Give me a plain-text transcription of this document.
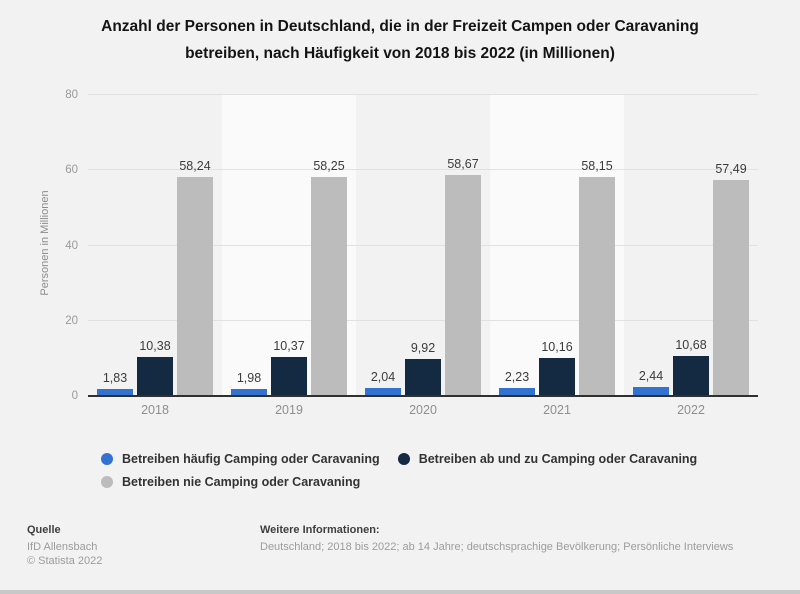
Anzahl der Personen in Deutschland, die in der Freizeit Campen oder Caravaning
betreiben, nach Häufigkeit von 2018 bis 2022 (in Millionen)
Personen in Millionen
1,83
10,38
58,24
1,98
10,37
58,25
2,04
9,92
58,67
2,23
10,16
58,15
2,44
10,68
57,49
0
20
40
60
80
2018	2019	2020	2021	2022
Betreiben häufig Camping oder Caravaning	Betreiben ab und zu Camping oder Caravaning
Betreiben nie Camping oder Caravaning
Quelle
IfD Allensbach
© Statista 2022
Weitere Informationen:
Deutschland; 2018 bis 2022; ab 14 Jahre; deutschsprachige Bevölkerung; Persönliche Interviews
